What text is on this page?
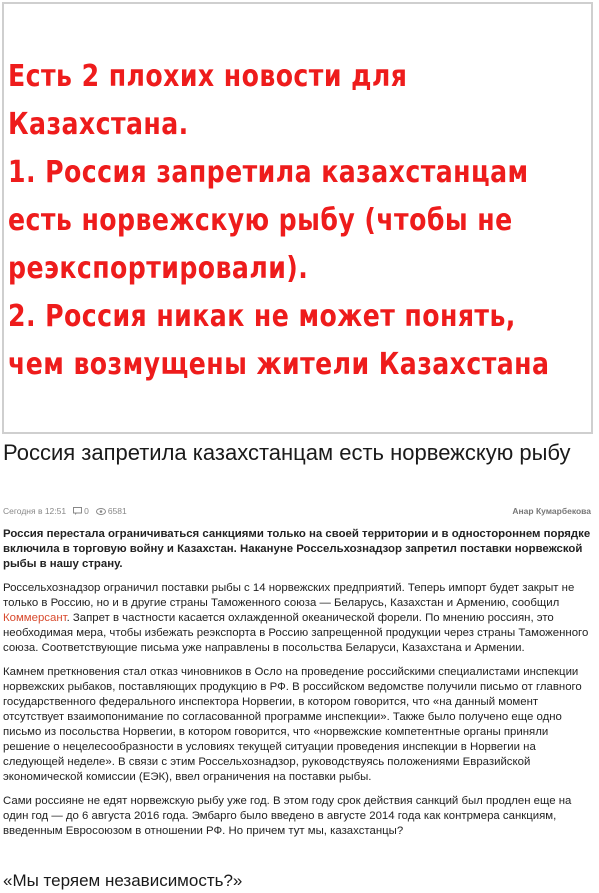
Есть 2 плохих новости для
Казахстана.
1. Россия запретила казахстанцам
есть норвежскую рыбу (чтобы не
реэкспортировали).
2. Россия никак не может понять,
чем возмущены жители Казахстана
Россия запретила казахстанцам есть норвежскую рыбу
Сегодня в 12:51 0 6581	Анар Кумарбекова

Россия перестала ограничиваться санкциями только на своей территории и в одностороннем порядке включила в торговую войну и Казахстан. Накануне Россельхознадзор запретил поставки норвежской рыбы в нашу страну.

Россельхознадзор ограничил поставки рыбы с 14 норвежских предприятий. Теперь импорт будет закрыт не только в Россию, но и в другие страны Таможенного союза — Беларусь, Казахстан и Армению, сообщил Коммерсант. Запрет в частности касается охлажденной океанической форели. По мнению россиян, это необходимая мера, чтобы избежать реэкспорта в Россию запрещенной продукции через страны Таможенного союза. Соответствующие письма уже направлены в посольства Беларуси, Казахстана и Армении.

Камнем преткновения стал отказ чиновников в Осло на проведение российскими специалистами инспекции норвежских рыбаков, поставляющих продукцию в РФ. В российском ведомстве получили письмо от главного государственного федерального инспектора Норвегии, в котором говорится, что «на данный момент отсутствует взаимопонимание по согласованной программе инспекции». Также было получено еще одно письмо из посольства Норвегии, в котором говорится, что «норвежские компетентные органы приняли решение о нецелесообразности в условиях текущей ситуации проведения инспекции в Норвегии на следующей неделе». В связи с этим Россельхознадзор, руководствуясь положениями Евразийской экономической комиссии (ЕЭК), ввел ограничения на поставки рыбы.

Сами россияне не едят норвежскую рыбу уже год. В этом году срок действия санкций был продлен еще на один год — до 6 августа 2016 года. Эмбарго было введено в августе 2014 года как контрмера санкциям, введенным Евросоюзом в отношении РФ. Но причем тут мы, казахстанцы?

«Мы теряем независимость?»
